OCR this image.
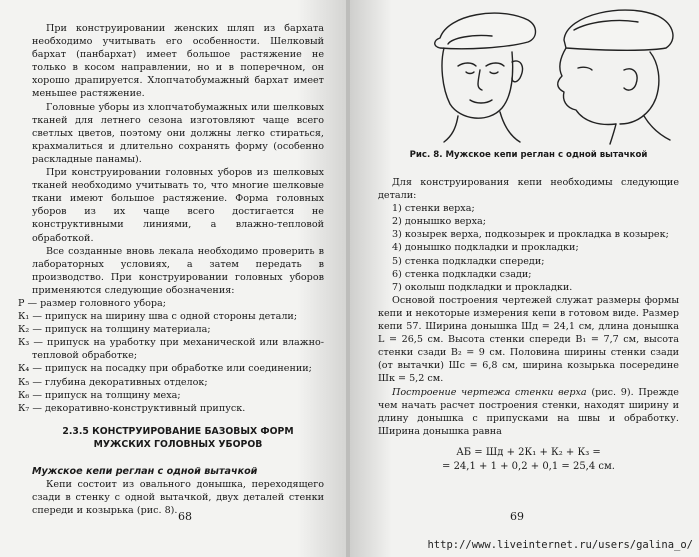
При конструировании женских шляп из бархата необходимо учитывать его особенности. Шелковый бархат (панбархат) имеет большое растяжение не только в косом направлении, но и в поперечном, он хорошо драпируется. Хлопчатобумажный бархат имеет меньшее растяжение.

Головные уборы из хлопчатобумажных или шелковых тканей для летнего сезона изготовляют чаще всего светлых цветов, поэтому они должны легко стираться, крахмалиться и длительно сохранять форму (особенно раскладные панамы).

При конструировании головных уборов из шелковых тканей необходимо учитывать то, что многие шелковые ткани имеют большое растяжение. Форма головных уборов из их чаще всего достигается не конструктивными линиями, а влажно-тепловой обработкой.

Все созданные вновь лекала необходимо проверить в лабораторных условиях, а затем передать в производство. При конструировании головных уборов применяются следующие обозначения:

Р — размер головного убора;

К₁ — припуск на ширину шва с одной стороны детали;

К₂ — припуск на толщину материала;

К₃ — припуск на уработку при механической или влажно-тепловой обработке;

К₄ — припуск на посадку при обработке или соединении;

К₅ — глубина декоративных отделок;

К₆ — припуск на толщину меха;

К₇ — декоративно-конструктивный припуск.

2.3.5 КОНСТРУИРОВАНИЕ БАЗОВЫХ ФОРМ
МУЖСКИХ ГОЛОВНЫХ УБОРОВ
Мужское кепи реглан с одной вытачкой

Кепи состоит из овального донышка, переходящего сзади в стенку с одной вытачкой, двух деталей стенки спереди и козырька (рис. 8). 68
Рис. 8. Мужское кепи реглан с одной вытачкой

Для конструирования кепи необходимы следующие детали:

1) стенки верха;

2) донышко верха;

3) козырек верха, подкозырек и прокладка в козырек;

4) донышко подкладки и прокладки;

5) стенка подкладки спереди;

6) стенка подкладки сзади;

7) околыш подкладки и прокладки.

Основой построения чертежей служат размеры формы кепи и некоторые измерения кепи в готовом виде. Размер кепи 57. Ширина донышка Шд = 24,1 см, длина донышка L = 26,5 см. Высота стенки спереди В₁ = 7,7 см, высота стенки сзади В₂ = 9 см. Половина ширины стенки сзади (от вытачки) Шс = 6,8 см, ширина козырька посередине Шк = 5,2 см.

Построение чертежа стенки верха (рис. 9). Прежде чем начать расчет построения стенки, находят ширину и длину донышка с припусками на швы и обработку. Ширина донышка равна

АБ = Шд + 2К₁ + К₂ + К₃ =
= 24,1 + 1 + 0,2 + 0,1 = 25,4 см.
69
http://www.liveinternet.ru/users/galina_o/
